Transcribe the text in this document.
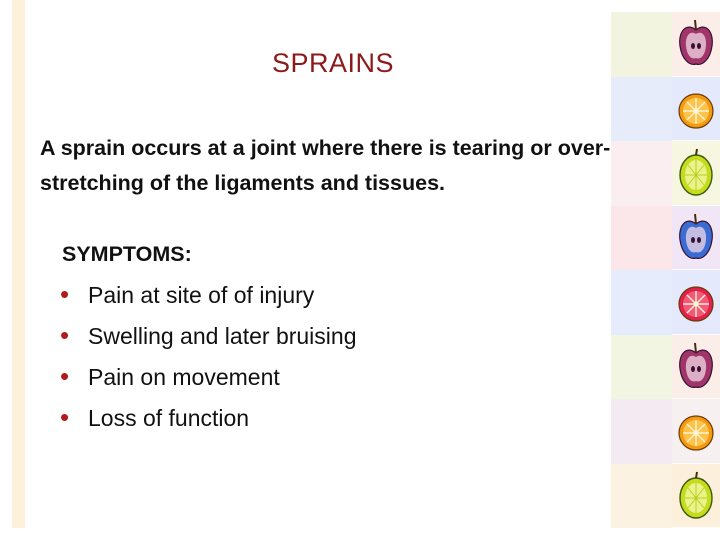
SPRAINS
A sprain occurs at a joint where there is tearing or over-stretching of the ligaments and tissues.
SYMPTOMS:
• Pain at site of of injury
• Swelling and later bruising
• Pain on movement
• Loss of function
